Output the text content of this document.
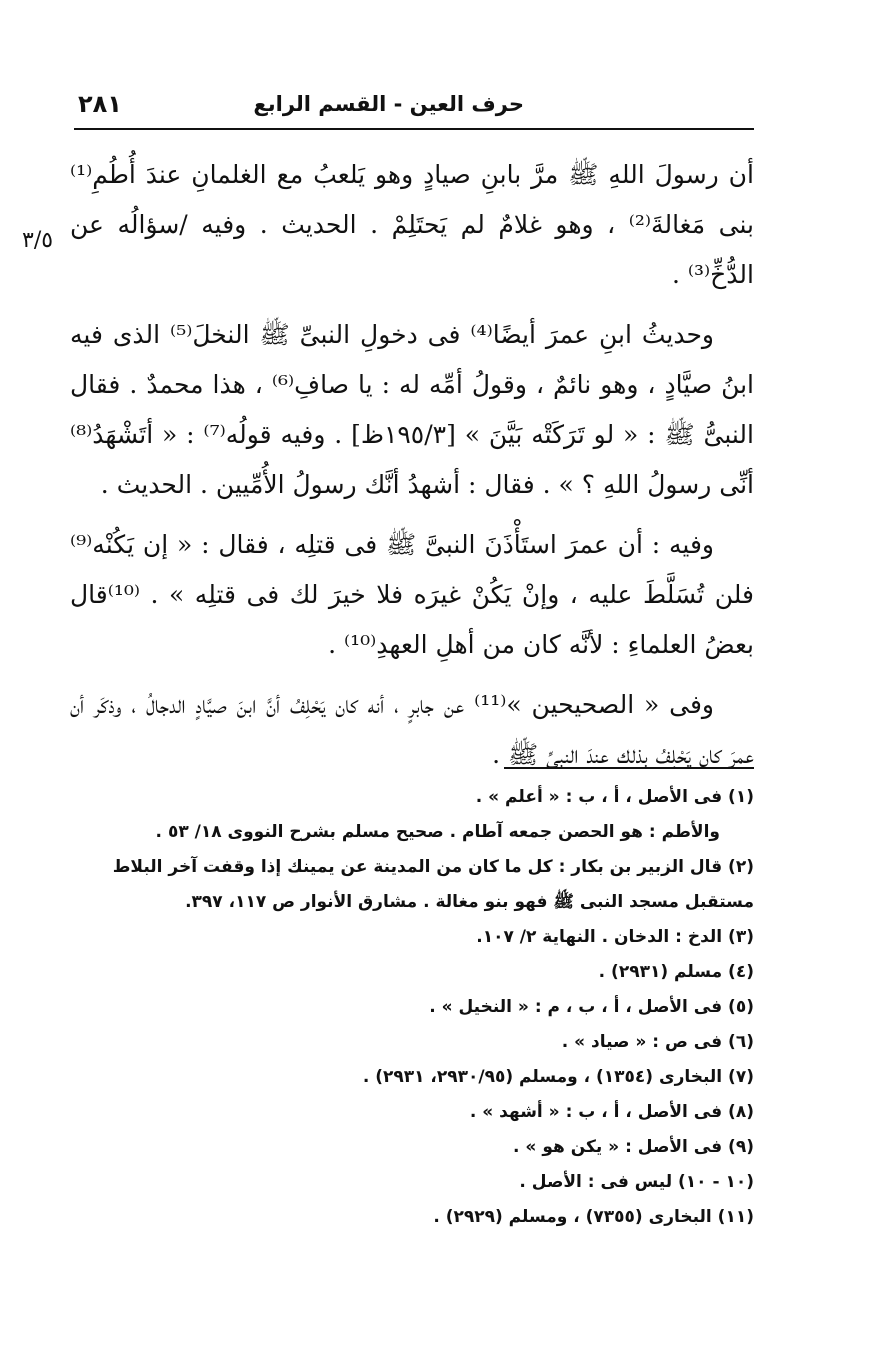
٢٨١	حرف العين - القسم الرابع
٣/٥

أن رسولَ اللهِ ﷺ مرَّ بابنِ صيادٍ وهو يَلعبُ مع الغلمانِ عندَ أُطُمِ⁽¹⁾ بنى مَغالةَ⁽²⁾ ، وهو غلامٌ لم يَحتَلِمْ . الحديث . وفيه /سؤالُه عن الدُّخِّ⁽³⁾ .

وحديثُ ابنِ عمرَ أيضًا⁽⁴⁾ فى دخولِ النبىِّ ﷺ النخلَ⁽⁵⁾ الذى فيه ابنُ صيَّادٍ ، وهو نائمٌ ، وقولُ أمِّه له : يا صافِ⁽⁶⁾ ، هذا محمدٌ . فقال النبىُّ ﷺ : « لو تَرَكَتْه بَيَّنَ » [١٩٥/٣ظ] . وفيه قولُه⁽⁷⁾ : « أتَشْهَدُ⁽⁸⁾ أنِّى رسولُ اللهِ ؟ » . فقال : أشهدُ أنَّك رسولُ الأُمِّيين . الحديث .

وفيه : أن عمرَ استَأْذَنَ النبىَّ ﷺ فى قتلِه ، فقال : « إن يَكُنْه⁽⁹⁾ فلن تُسَلَّطَ عليه ، وإنْ يَكُنْ غيرَه فلا خيرَ لك فى قتلِه » . ⁽¹⁰⁾قال بعضُ العلماءِ : لأنَّه كان من أهلِ العهدِ⁽¹⁰⁾ .

وفى « الصحيحين »⁽¹¹⁾ عن جابرٍ ، أنه كان يَحْلِفُ أنَّ ابنَ صيَّادٍ الدجالُ ، وذكَر أن عمرَ كان يَحْلِفُ بذلك عندَ النبىِّ ﷺ .

(١) فى الأصل ، أ ، ب : « أعلم » .

والأطم : هو الحصن جمعه آطام . صحيح مسلم بشرح النووى ١٨/ ٥٣ .

(٢) قال الزبير بن بكار : كل ما كان من المدينة عن يمينك إذا وقفت آخر البلاط مستقبل مسجد النبى ﷺ فهو بنو مغالة . مشارق الأنوار ص ١١٧، ٣٩٧.

(٣) الدخ : الدخان . النهاية ٢/ ١٠٧.

(٤) مسلم (٢٩٣١) .

(٥) فى الأصل ، أ ، ب ، م : « النخيل » .

(٦) فى ص : « صياد » .

(٧) البخارى (١٣٥٤) ، ومسلم (٢٩٣٠/٩٥، ٢٩٣١) .

(٨) فى الأصل ، أ ، ب : « أشهد » .

(٩) فى الأصل : « يكن هو » .

(١٠ - ١٠) ليس فى : الأصل .

(١١) البخارى (٧٣٥٥) ، ومسلم (٢٩٢٩) .
